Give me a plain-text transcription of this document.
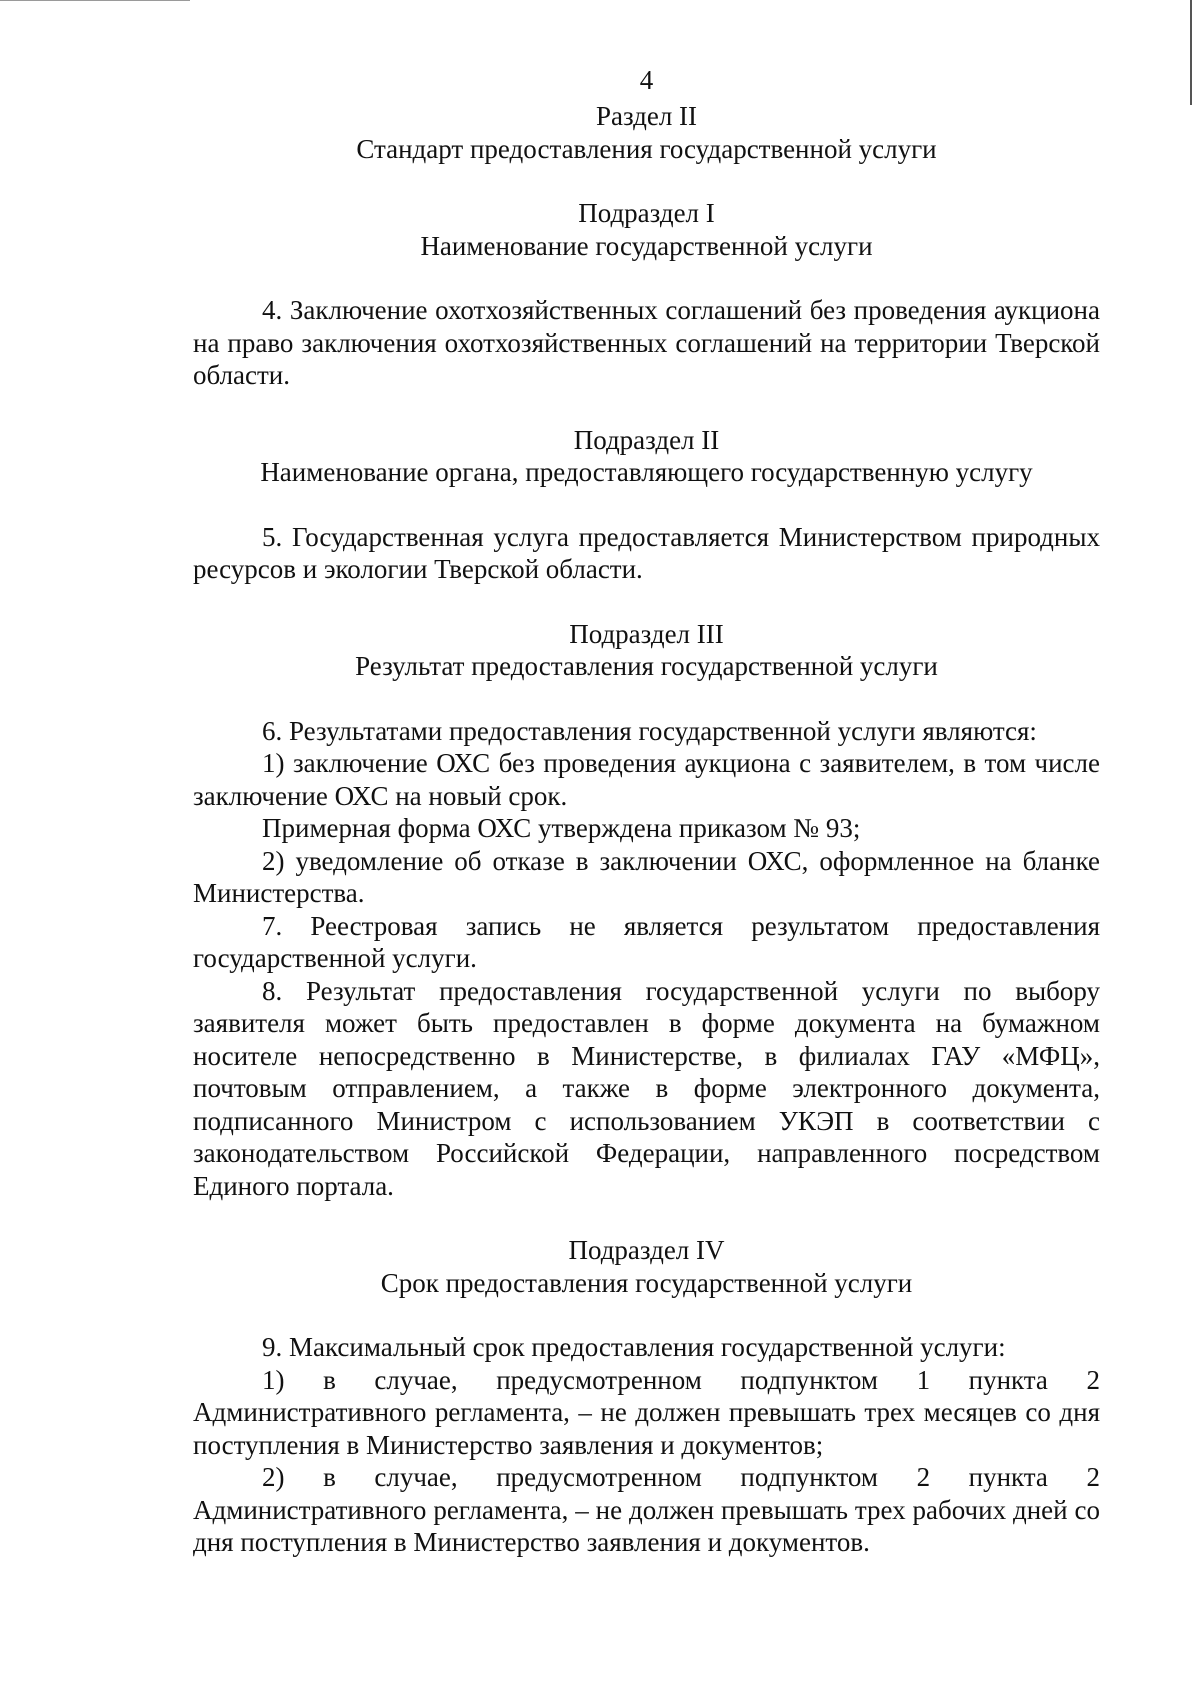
4

Раздел II

Стандарт предоставления государственной услуги

Подраздел I

Наименование государственной услуги

4. Заключение охотхозяйственных соглашений без проведения аукциона на право заключения охотхозяйственных соглашений на территории Тверской области.

Подраздел II

Наименование органа, предоставляющего государственную услугу

5. Государственная услуга предоставляется Министерством природных ресурсов и экологии Тверской области.

Подраздел III

Результат предоставления государственной услуги

6. Результатами предоставления государственной услуги являются:

1) заключение ОХС без проведения аукциона с заявителем, в том числе заключение ОХС на новый срок.

Примерная форма ОХС утверждена приказом № 93;

2) уведомление об отказе в заключении ОХС, оформленное на бланке Министерства.

7. Реестровая запись не является результатом предоставления государственной услуги.

8. Результат предоставления государственной услуги по выбору заявителя может быть предоставлен в форме документа на бумажном носителе непосредственно в Министерстве, в филиалах ГАУ «МФЦ», почтовым отправлением, а также в форме электронного документа, подписанного Министром с использованием УКЭП в соответствии с законодательством Российской Федерации, направленного посредством Единого портала.

Подраздел IV

Срок предоставления государственной услуги

9. Максимальный срок предоставления государственной услуги:

1) в случае, предусмотренном подпунктом 1 пункта 2 Административного регламента, – не должен превышать трех месяцев со дня поступления в Министерство заявления и документов;

2) в случае, предусмотренном подпунктом 2 пункта 2 Административного регламента, – не должен превышать трех рабочих дней со дня поступления в Министерство заявления и документов.
